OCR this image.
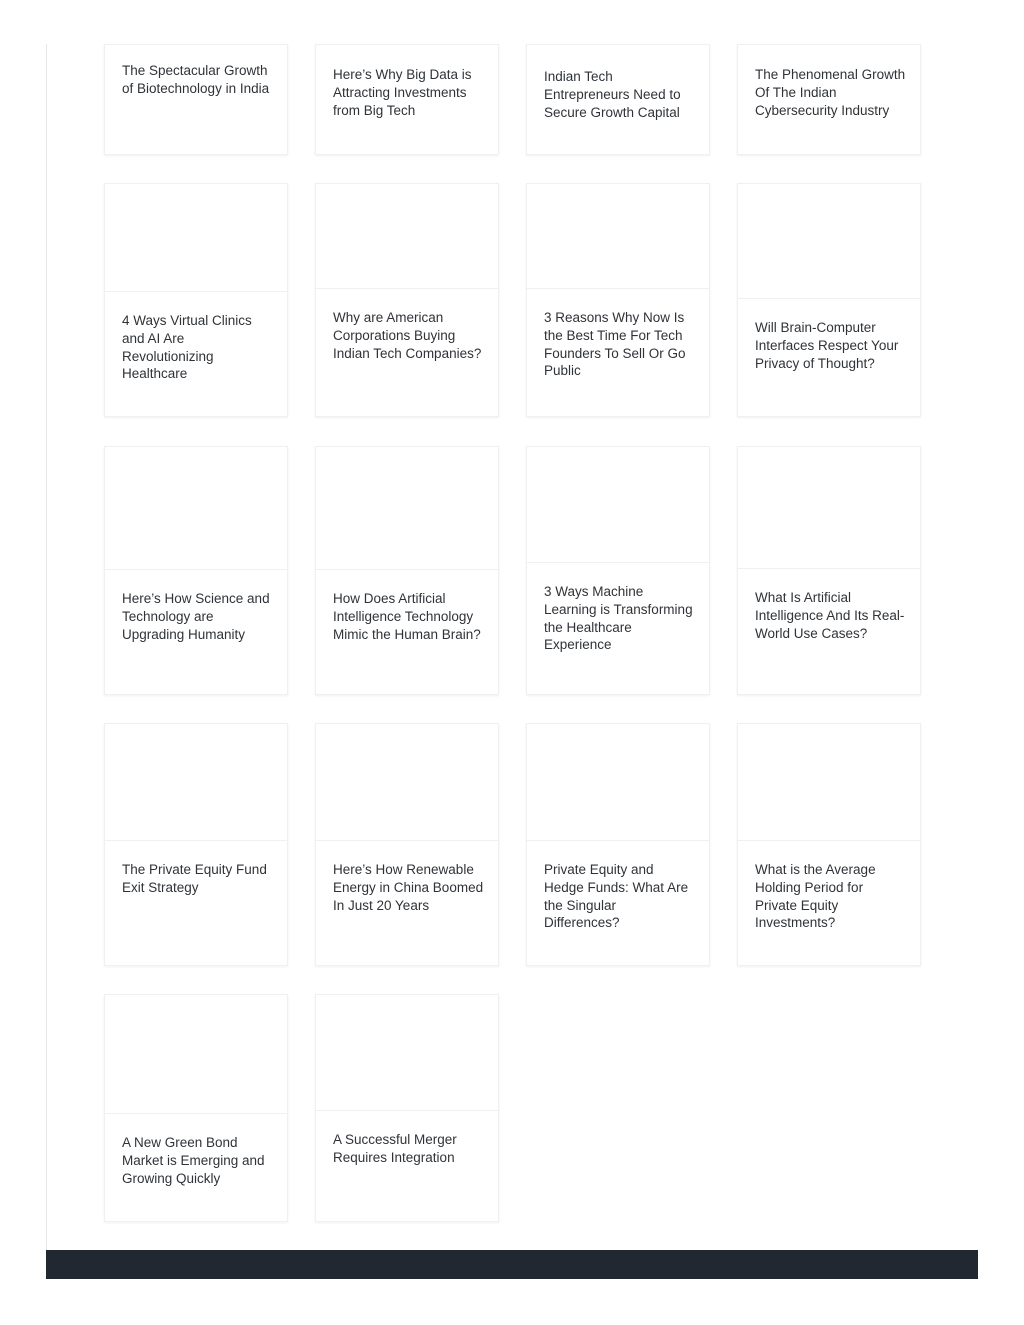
The Spectacular Growth of Biotechnology in India
Here’s Why Big Data is Attracting Investments from Big Tech
Indian Tech Entrepreneurs Need to Secure Growth Capital
The Phenomenal Growth Of The Indian Cybersecurity Industry
4 Ways Virtual Clinics and AI Are Revolutionizing Healthcare
Why are American Corporations Buying Indian Tech Companies?
3 Reasons Why Now Is the Best Time For Tech Founders To Sell Or Go Public
Will Brain-Computer Interfaces Respect Your Privacy of Thought?
Here’s How Science and Technology are Upgrading Humanity
How Does Artificial Intelligence Technology Mimic the Human Brain?
3 Ways Machine Learning is Transforming the Healthcare Experience
What Is Artificial Intelligence And Its Real-World Use Cases?
The Private Equity Fund Exit Strategy
Here’s How Renewable Energy in China Boomed In Just 20 Years
Private Equity and Hedge Funds: What Are the Singular Differences?
What is the Average Holding Period for Private Equity Investments?
A New Green Bond Market is Emerging and Growing Quickly
A Successful Merger Requires Integration
